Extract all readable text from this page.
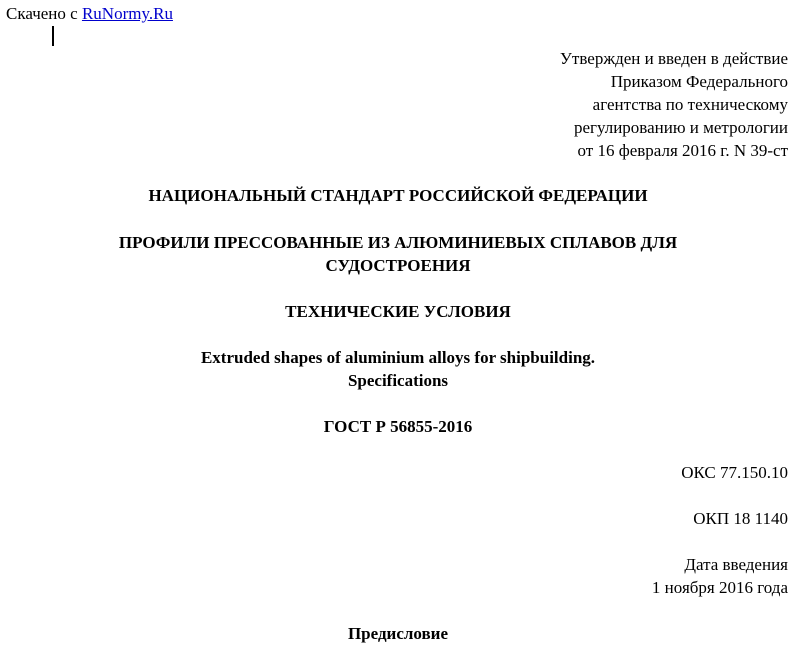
Скачено с RuNormy.Ru
Утвержден и введен в действие
Приказом Федерального
агентства по техническому
регулированию и метрологии
от 16 февраля 2016 г. N 39-ст
НАЦИОНАЛЬНЫЙ СТАНДАРТ РОССИЙСКОЙ ФЕДЕРАЦИИ
ПРОФИЛИ ПРЕССОВАННЫЕ ИЗ АЛЮМИНИЕВЫХ СПЛАВОВ ДЛЯ
СУДОСТРОЕНИЯ
ТЕХНИЧЕСКИЕ УСЛОВИЯ
Extruded shapes of aluminium alloys for shipbuilding.
Specifications
ГОСТ Р 56855-2016
ОКС 77.150.10
ОКП 18 1140
Дата введения
1 ноября 2016 года
Предисловие
